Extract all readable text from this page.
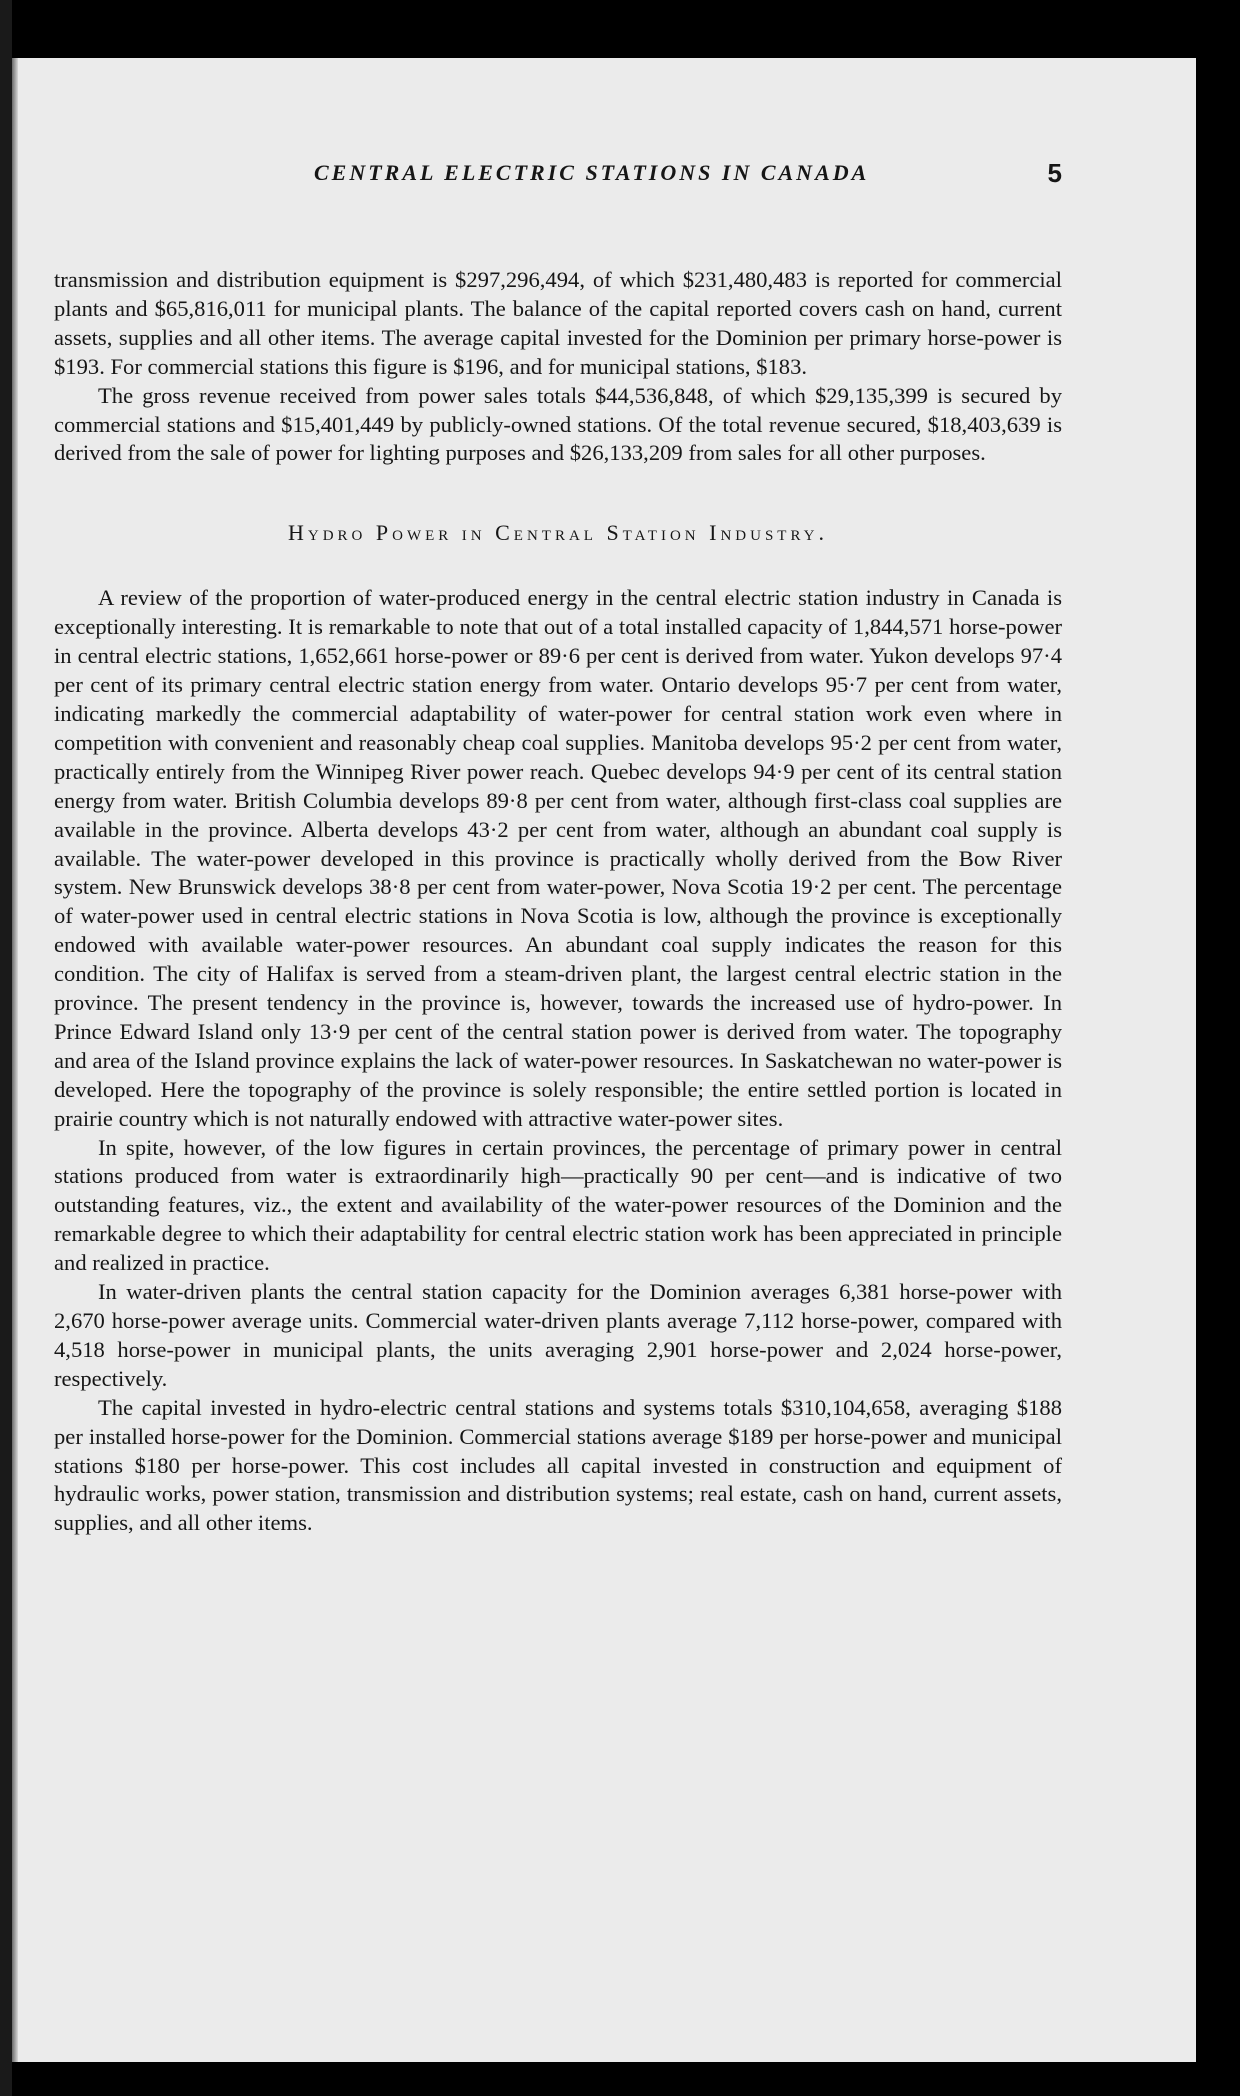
CENTRAL ELECTRIC STATIONS IN CANADA	5

transmission and distribution equipment is $297,296,494, of which $231,480,483 is reported for commercial plants and $65,816,011 for municipal plants. The balance of the capital reported covers cash on hand, current assets, supplies and all other items. The average capital invested for the Dominion per primary horse-power is $193. For commercial stations this figure is $196, and for municipal stations, $183.

The gross revenue received from power sales totals $44,536,848, of which $29,135,399 is secured by commercial stations and $15,401,449 by publicly-owned stations. Of the total revenue secured, $18,403,639 is derived from the sale of power for lighting purposes and $26,133,209 from sales for all other purposes.

Hydro Power in Central Station Industry.

A review of the proportion of water-produced energy in the central electric station industry in Canada is exceptionally interesting. It is remarkable to note that out of a total installed capacity of 1,844,571 horse-power in central electric stations, 1,652,661 horse-power or 89·6 per cent is derived from water. Yukon develops 97·4 per cent of its primary central electric station energy from water. Ontario develops 95·7 per cent from water, indicating markedly the commercial adaptability of water-power for central station work even where in competition with convenient and reasonably cheap coal supplies. Manitoba develops 95·2 per cent from water, practically entirely from the Winnipeg River power reach. Quebec develops 94·9 per cent of its central station energy from water. British Columbia develops 89·8 per cent from water, although first-class coal supplies are available in the province. Alberta develops 43·2 per cent from water, although an abundant coal supply is available. The water-power developed in this province is practically wholly derived from the Bow River system. New Brunswick develops 38·8 per cent from water-power, Nova Scotia 19·2 per cent. The percentage of water-power used in central electric stations in Nova Scotia is low, although the province is exceptionally endowed with available water-power resources. An abundant coal supply indicates the reason for this condition. The city of Halifax is served from a steam-driven plant, the largest central electric station in the province. The present tendency in the province is, however, towards the increased use of hydro-power. In Prince Edward Island only 13·9 per cent of the central station power is derived from water. The topography and area of the Island province explains the lack of water-power resources. In Saskatchewan no water-power is developed. Here the topography of the province is solely responsible; the entire settled portion is located in prairie country which is not naturally endowed with attractive water-power sites.

In spite, however, of the low figures in certain provinces, the percentage of primary power in central stations produced from water is extraordinarily high—practically 90 per cent—and is indicative of two outstanding features, viz., the extent and availability of the water-power resources of the Dominion and the remarkable degree to which their adaptability for central electric station work has been appreciated in principle and realized in practice.

In water-driven plants the central station capacity for the Dominion averages 6,381 horse-power with 2,670 horse-power average units. Commercial water-driven plants average 7,112 horse-power, compared with 4,518 horse-power in municipal plants, the units averaging 2,901 horse-power and 2,024 horse-power, respectively.

The capital invested in hydro-electric central stations and systems totals $310,104,658, averaging $188 per installed horse-power for the Dominion. Commercial stations average $189 per horse-power and municipal stations $180 per horse-power. This cost includes all capital invested in construction and equipment of hydraulic works, power station, transmission and distribution systems; real estate, cash on hand, current assets, supplies, and all other items.
